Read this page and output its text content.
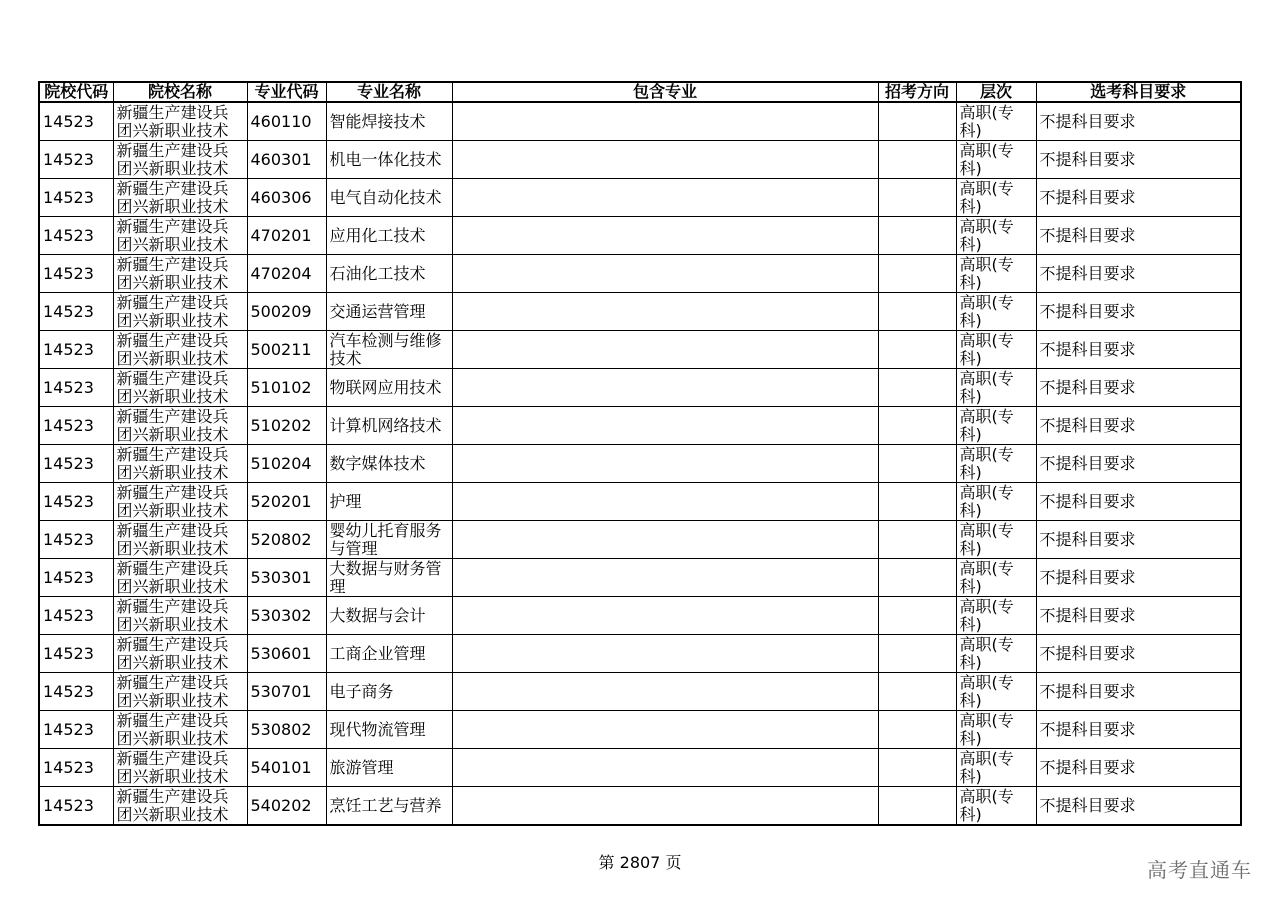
院校代码	院校名称	专业代码	专业名称	包含专业	招考方向	层次	选考科目要求
14523	新疆生产建设兵团兴新职业技术	460110	智能焊接技术			高职(专科)	不提科目要求
14523	新疆生产建设兵团兴新职业技术	460301	机电一体化技术			高职(专科)	不提科目要求
14523	新疆生产建设兵团兴新职业技术	460306	电气自动化技术			高职(专科)	不提科目要求
14523	新疆生产建设兵团兴新职业技术	470201	应用化工技术			高职(专科)	不提科目要求
14523	新疆生产建设兵团兴新职业技术	470204	石油化工技术			高职(专科)	不提科目要求
14523	新疆生产建设兵团兴新职业技术	500209	交通运营管理			高职(专科)	不提科目要求
14523	新疆生产建设兵团兴新职业技术	500211	汽车检测与维修技术			高职(专科)	不提科目要求
14523	新疆生产建设兵团兴新职业技术	510102	物联网应用技术			高职(专科)	不提科目要求
14523	新疆生产建设兵团兴新职业技术	510202	计算机网络技术			高职(专科)	不提科目要求
14523	新疆生产建设兵团兴新职业技术	510204	数字媒体技术			高职(专科)	不提科目要求
14523	新疆生产建设兵团兴新职业技术	520201	护理			高职(专科)	不提科目要求
14523	新疆生产建设兵团兴新职业技术	520802	婴幼儿托育服务与管理			高职(专科)	不提科目要求
14523	新疆生产建设兵团兴新职业技术	530301	大数据与财务管理			高职(专科)	不提科目要求
14523	新疆生产建设兵团兴新职业技术	530302	大数据与会计			高职(专科)	不提科目要求
14523	新疆生产建设兵团兴新职业技术	530601	工商企业管理			高职(专科)	不提科目要求
14523	新疆生产建设兵团兴新职业技术	530701	电子商务			高职(专科)	不提科目要求
14523	新疆生产建设兵团兴新职业技术	530802	现代物流管理			高职(专科)	不提科目要求
14523	新疆生产建设兵团兴新职业技术	540101	旅游管理			高职(专科)	不提科目要求
14523	新疆生产建设兵团兴新职业技术	540202	烹饪工艺与营养			高职(专科)	不提科目要求
第 2807 页	高考直通车
